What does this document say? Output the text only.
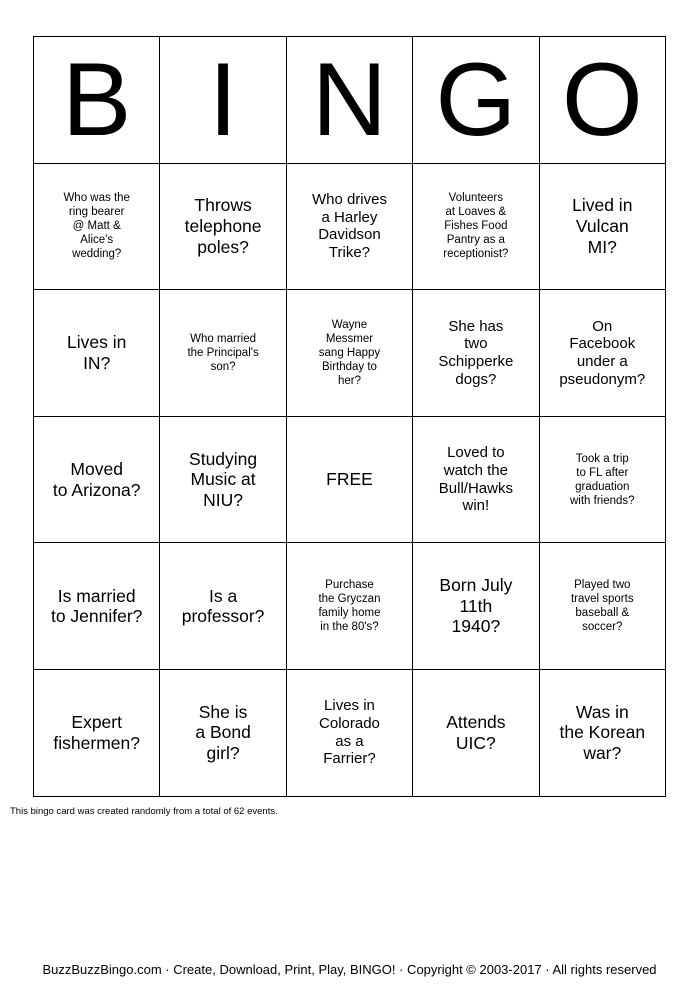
B	I	N	G	O

Who was the
ring bearer
@ Matt &
Alice's
wedding?	Throws
telephone
poles?	Who drives
a Harley
Davidson
Trike?	Volunteers
at Loaves &
Fishes Food
Pantry as a
receptionist?	Lived in
Vulcan
MI?

Lives in
IN?	Who married
the Principal's
son?	Wayne
Messmer
sang Happy
Birthday to
her?	She has
two
Schipperke
dogs?	On
Facebook
under a
pseudonym?

Moved
to Arizona?	Studying
Music at
NIU?	FREE	Loved to
watch the
Bull/Hawks
win!	Took a trip
to FL after
graduation
with friends?

Is married
to Jennifer?	Is a
professor?	Purchase
the Gryczan
family home
in the 80's?	Born July
11th
1940?	Played two
travel sports
baseball &
soccer?

Expert
fishermen?	She is
a Bond
girl?	Lives in
Colorado
as a
Farrier?	Attends
UIC?	Was in
the Korean
war?
This bingo card was created randomly from a total of 62 events.
BuzzBuzzBingo.com · Create, Download, Print, Play, BINGO! · Copyright © 2003-2017 · All rights reserved
